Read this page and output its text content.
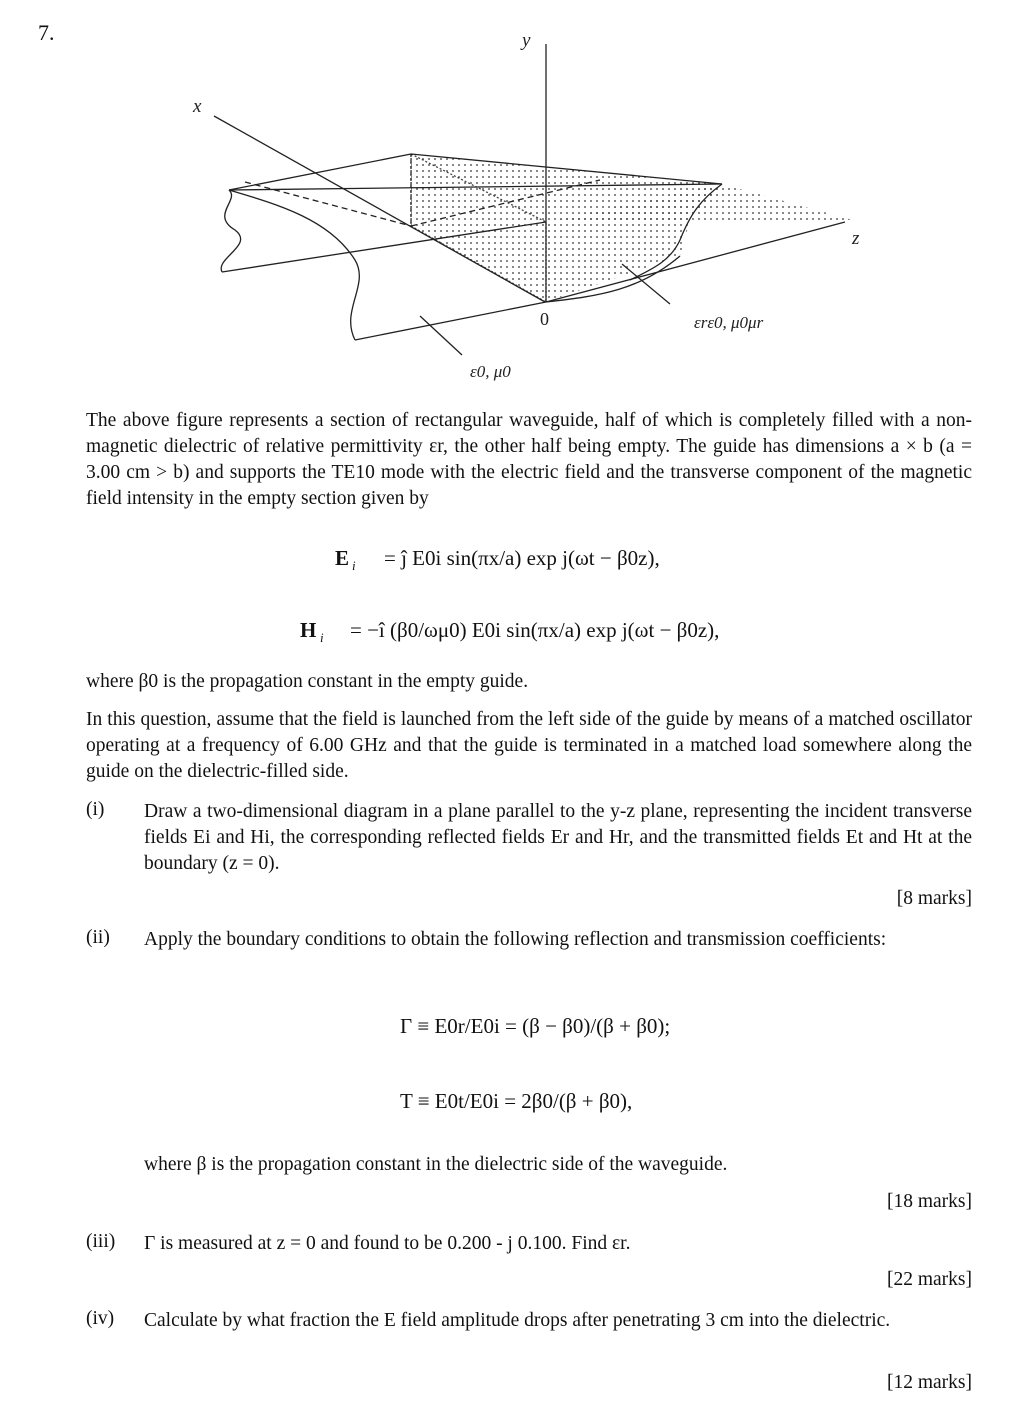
7.
x
y
z
ε0, μ0
εrε0, μ0μr
0
The above figure represents a section of rectangular waveguide, half of which is completely filled with a non-magnetic dielectric of relative permittivity εr, the other half being empty. The guide has dimensions a × b (a = 3.00 cm > b) and supports the TE10 mode with the electric field and the transverse component of the magnetic field intensity in the empty section given by
E i = ĵ E0i sin(πx/a) exp j(ωt − β0z),
H i = −î (β0/ωμ0) E0i sin(πx/a) exp j(ωt − β0z),
where β0 is the propagation constant in the empty guide.
In this question, assume that the field is launched from the left side of the guide by means of a matched oscillator operating at a frequency of 6.00 GHz and that the guide is terminated in a matched load somewhere along the guide on the dielectric-filled side.
(i) Draw a two-dimensional diagram in a plane parallel to the y-z plane, representing the incident transverse fields Ei and Hi, the corresponding reflected fields Er and Hr, and the transmitted fields Et and Ht at the boundary (z = 0).
[8 marks]
(ii) Apply the boundary conditions to obtain the following reflection and transmission coefficients:
Γ ≡ E0r/E0i = (β − β0)/(β + β0);
T ≡ E0t/E0i = 2β0/(β + β0),
where β is the propagation constant in the dielectric side of the waveguide.
[18 marks]
(iii) Γ is measured at z = 0 and found to be 0.200 - j 0.100. Find εr.
[22 marks]
(iv) Calculate by what fraction the E field amplitude drops after penetrating 3 cm into the dielectric.
[12 marks]
